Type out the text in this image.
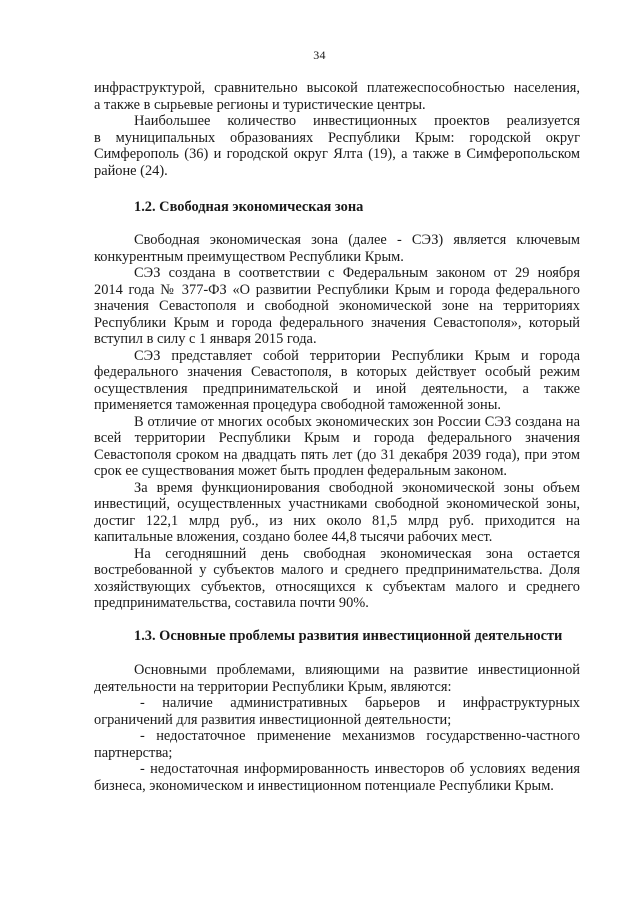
34
инфраструктурой, сравнительно высокой платежеспособностью населения,
а также в сырьевые регионы и туристические центры.
Наибольшее количество инвестиционных проектов реализуется
в муниципальных образованиях Республики Крым: городской округ
Симферополь (36) и городской округ Ялта (19), а также в Симферопольском
районе (24).
1.2. Свободная экономическая зона
Свободная экономическая зона (далее - СЭЗ) является ключевым
конкурентным преимуществом Республики Крым.
СЭЗ создана в соответствии с Федеральным законом от 29 ноября
2014 года № 377-ФЗ «О развитии Республики Крым и города федерального
значения Севастополя и свободной экономической зоне на территориях
Республики Крым и города федерального значения Севастополя», который
вступил в силу с 1 января 2015 года.
СЭЗ представляет собой территории Республики Крым и города
федерального значения Севастополя, в которых действует особый режим
осуществления предпринимательской и иной деятельности, а также
применяется таможенная процедура свободной таможенной зоны.
В отличие от многих особых экономических зон России СЭЗ создана на
всей территории Республики Крым и города федерального значения
Севастополя сроком на двадцать пять лет (до 31 декабря 2039 года), при этом
срок ее существования может быть продлен федеральным законом.
За время функционирования свободной экономической зоны объем
инвестиций, осуществленных участниками свободной экономической зоны,
достиг 122,1 млрд руб., из них около 81,5 млрд руб. приходится на
капитальные вложения, создано более 44,8 тысячи рабочих мест.
На сегодняшний день свободная экономическая зона остается
востребованной у субъектов малого и среднего предпринимательства. Доля
хозяйствующих субъектов, относящихся к субъектам малого и среднего
предпринимательства, составила почти 90%.
1.3. Основные проблемы развития инвестиционной деятельности
Основными проблемами, влияющими на развитие инвестиционной
деятельности на территории Республики Крым, являются:
- наличие административных барьеров и инфраструктурных
ограничений для развития инвестиционной деятельности;
- недостаточное применение механизмов государственно-частного
партнерства;
- недостаточная информированность инвесторов об условиях ведения
бизнеса, экономическом и инвестиционном потенциале Республики Крым.
